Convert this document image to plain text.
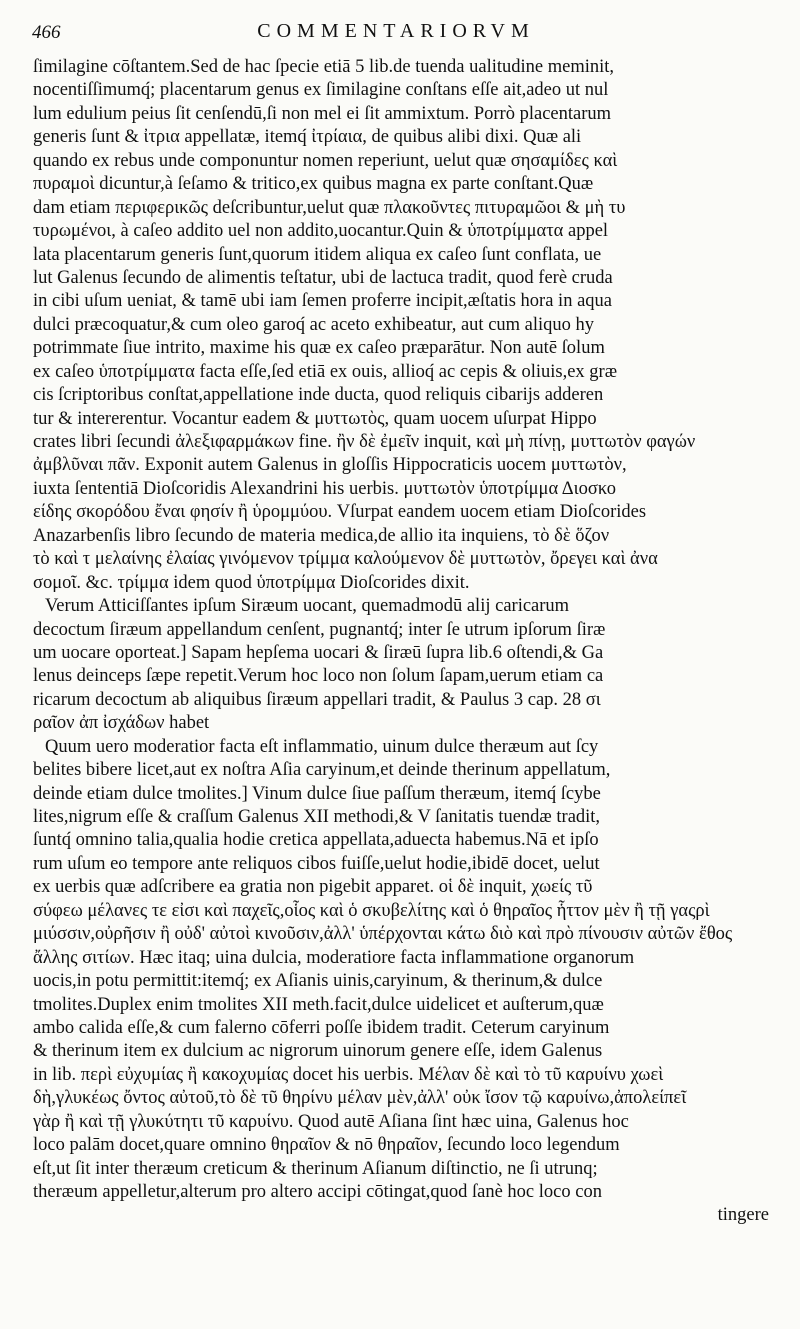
466	COMMENTARIORVM
ſimilagine cōſtantem.Sed de hac ſpecie etiā 5 lib.de tuenda ualitudine meminit,
nocentiſſimumq́; placentarum genus ex ſimilagine conſtans eſſe ait,adeo ut nul
lum edulium peius ſit cenſendū,ſi non mel ei ſit ammixtum. Porrò placentarum
generis ſunt & ἰτρια appellatæ, itemq́ ἰτρίαια, de quibus alibi dixi. Quæ ali
quando ex rebus unde componuntur nomen reperiunt, uelut quæ σησαμίδες καὶ
πυραμοὶ dicuntur,à ſeſamo & tritico,ex quibus magna ex parte conſtant.Quæ
dam etiam περιφερικῶς deſcribuntur,uelut quæ πλακοῦντες πιτυραμῶοι & μὴ τυ
τυρωμένοι, à caſeo addito uel non addito,uocantur.Quin & ὑποτρίμματα appel
lata placentarum generis ſunt,quorum itidem aliqua ex caſeo ſunt conflata, ue
lut Galenus ſecundo de alimentis teſtatur, ubi de lactuca tradit, quod ferè cruda
in cibi uſum ueniat, & tamē ubi iam ſemen proferre incipit,æſtatis hora in aqua
dulci præcoquatur,& cum oleo garoq́ ac aceto exhibeatur, aut cum aliquo hy
potrimmate ſiue intrito, maxime his quæ ex caſeo præparātur. Non autē ſolum
ex caſeo ὑποτρίμματα facta eſſe,ſed etiā ex ouis, allioq́ ac cepis & oliuis,ex græ
cis ſcriptoribus conſtat,appellatione inde ducta, quod reliquis cibarijs adderen
tur & intererentur. Vocantur eadem & μυττωτὸς, quam uocem uſurpat Hippo
crates libri ſecundi ἀλεξιφαρμάκων fine. ἢν δὲ ἐμεῖν inquit, καὶ μὴ πίνῃ, μυττωτὸν φαγών
ἀμβλῦναι πᾶν. Exponit autem Galenus in gloſſis Hippocraticis uocem μυττωτὸν,
iuxta ſententiā Dioſcoridis Alexandrini his uerbis. μυττωτὸν ὑποτρίμμα Διοσκο
είδης σκορόδου ἔναι φησίν ἢ ὑρομμύου. Vſurpat eandem uocem etiam Dioſcorides
Anazarbenſis libro ſecundo de materia medica,de allio ita inquiens, τὸ δὲ ὅζον
τὸ καὶ τ μελαίνης ἐλαίας γινόμενον τρίμμα καλούμενον δὲ μυττωτὸν, ὄρεγει καὶ ἀνα
σομοῖ. &c. τρίμμα idem quod ὑποτρίμμα Dioſcorides dixit.
Verum Atticiſſantes ipſum Siræum uocant, quemadmodū alij caricarum
decoctum ſiræum appellandum cenſent, pugnantq́; inter ſe utrum ipſorum ſiræ
um uocare oporteat.] Sapam hepſema uocari & ſiræū ſupra lib.6 oſtendi,& Ga
lenus deinceps ſæpe repetit.Verum hoc loco non ſolum ſapam,uerum etiam ca
ricarum decoctum ab aliquibus ſiræum appellari tradit, & Paulus 3 cap. 28 σι
ραῖον ἀπ ἰσχάδων habet
Quum uero moderatior facta eſt inflammatio, uinum dulce theræum aut ſcy
belites bibere licet,aut ex noſtra Aſia caryinum,et deinde therinum appellatum,
deinde etiam dulce tmolites.] Vinum dulce ſiue paſſum theræum, itemq́ ſcybe
lites,nigrum eſſe & craſſum Galenus XII methodi,& V ſanitatis tuendæ tradit,
ſuntq́ omnino talia,qualia hodie cretica appellata,aduecta habemus.Nā et ipſo
rum uſum eo tempore ante reliquos cibos fuiſſe,uelut hodie,ibidē docet, uelut
ex uerbis quæ adſcribere ea gratia non pigebit apparet. οἱ δὲ inquit, χωείς τῦ
σύφεω μέλανες τε εἰσι καὶ παχεῖς,οἷος καὶ ὁ σκυβελίτης καὶ ὁ θηραῖος ἧττον μὲν ἢ τῇ γαςρὶ
μιύσσιν,οὐρῆσιν ἢ οὐδ' αὐτοὶ κινοῦσιν,ἀλλ' ὑπέρχονται κάτω διὸ καὶ πρὸ πίνουσιν αὐτῶν ἔθος
ἄλλης σιτίων. Hæc itaq; uina dulcia, moderatiore facta inflammatione organorum
uocis,in potu permittit:itemq́; ex Aſianis uinis,caryinum, & therinum,& dulce
tmolites.Duplex enim tmolites XII meth.facit,dulce uidelicet et auſterum,quæ
ambo calida eſſe,& cum falerno cōferri poſſe ibidem tradit. Ceterum caryinum
& therinum item ex dulcium ac nigrorum uinorum genere eſſe, idem Galenus
in lib. περὶ εὐχυμίας ἢ κακοχυμίας docet his uerbis. Μέλαν δὲ καὶ τὸ τῦ καρυίνυ χωεὶ
δὴ,γλυκέως ὄντος αὐτοῦ,τὸ δὲ τῦ θηρίνυ μέλαν μὲν,ἀλλ' οὐκ ἴσον τῷ καρυίνω,ἀπολείπεῖ
γὰρ ἢ καὶ τῇ γλυκύτητι τῦ καρυίνυ. Quod autē Aſiana ſint hæc uina, Galenus hoc
loco palām docet,quare omnino θηραῖον & nō θηραῖον, ſecundo loco legendum
eſt,ut ſit inter theræum creticum & therinum Aſianum diſtinctio, ne ſi utrunq;
theræum appelletur,alterum pro altero accipi cōtingat,quod ſanè hoc loco con
tingere
